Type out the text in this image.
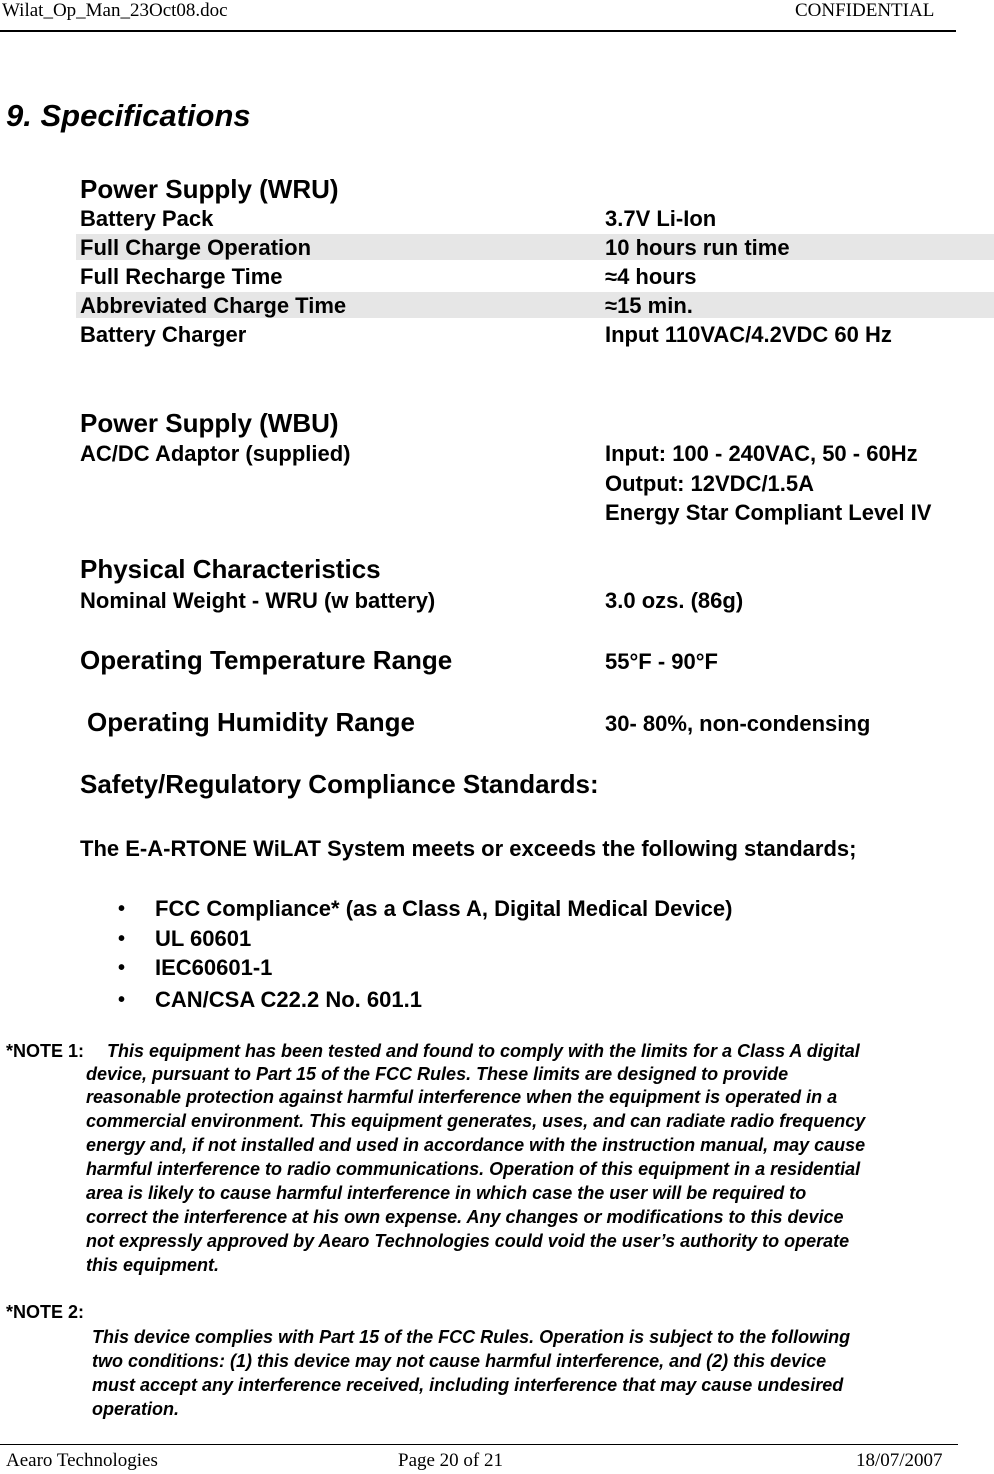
Wilat_Op_Man_23Oct08.doc	CONFIDENTIAL
9. Specifications
Power Supply (WRU)
Battery Pack	3.7V Li-Ion
Full Charge Operation	10 hours run time
Full Recharge Time	≈4 hours
Abbreviated Charge Time	≈15 min.
Battery Charger	Input 110VAC/4.2VDC 60 Hz
Power Supply (WBU)
AC/DC Adaptor (supplied)	Input: 100 - 240VAC, 50 - 60Hz
Output: 12VDC/1.5A
Energy Star Compliant Level IV
Physical Characteristics
Nominal Weight - WRU (w battery)	3.0 ozs. (86g)
Operating Temperature Range	55°F - 90°F
Operating Humidity Range	30- 80%, non-condensing
Safety/Regulatory Compliance Standards:
The E-A-RTONE WiLAT System meets or exceeds the following standards;
• FCC Compliance* (as a Class A, Digital Medical Device)
• UL 60601
• IEC60601-1
• CAN/CSA C22.2 No. 601.1
*NOTE 1: This equipment has been tested and found to comply with the limits for a Class A digital
device, pursuant to Part 15 of the FCC Rules. These limits are designed to provide
reasonable protection against harmful interference when the equipment is operated in a
commercial environment. This equipment generates, uses, and can radiate radio frequency
energy and, if not installed and used in accordance with the instruction manual, may cause
harmful interference to radio communications. Operation of this equipment in a residential
area is likely to cause harmful interference in which case the user will be required to
correct the interference at his own expense. Any changes or modifications to this device
not expressly approved by Aearo Technologies could void the user’s authority to operate
this equipment.
*NOTE 2:
This device complies with Part 15 of the FCC Rules. Operation is subject to the following
two conditions: (1) this device may not cause harmful interference, and (2) this device
must accept any interference received, including interference that may cause undesired
operation.
Aearo Technologies	Page 20 of 21	18/07/2007
